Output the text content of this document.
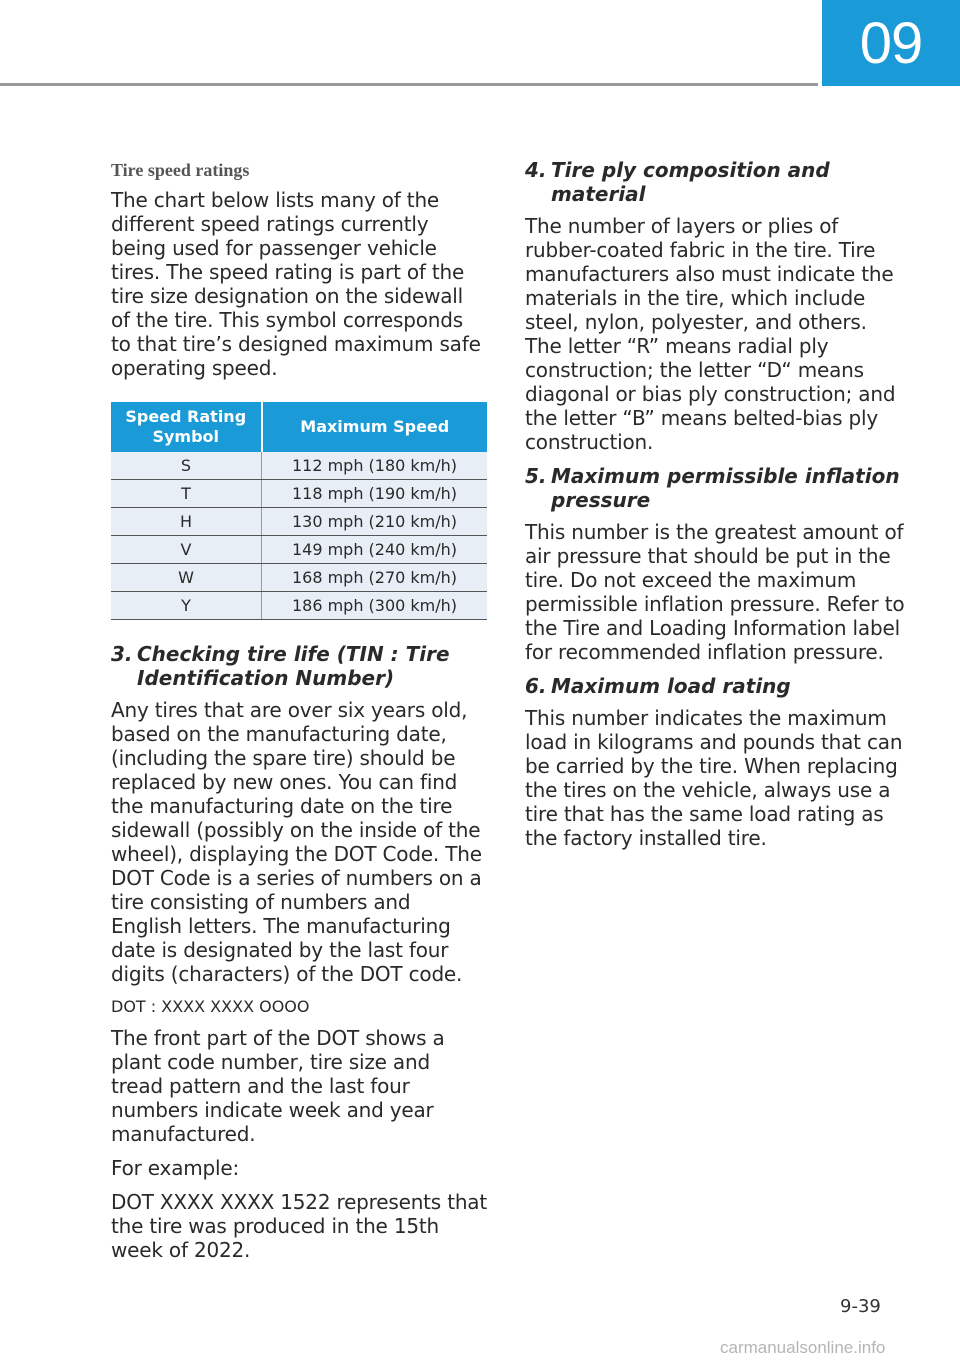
09
Tire speed ratings

The chart below lists many of the different speed ratings currently being used for passenger vehicle tires. The speed rating is part of the tire size designation on the sidewall of the tire. This symbol corresponds to that tire’s designed maximum safe operating speed.

Speed Rating Symbol	Maximum Speed
S	112 mph (180 km/h)
T	118 mph (190 km/h)
H	130 mph (210 km/h)
V	149 mph (240 km/h)
W	168 mph (270 km/h)
Y	186 mph (300 km/h)
3. Checking tire life (TIN : Tire Identification Number)

Any tires that are over six years old, based on the manufacturing date, (including the spare tire) should be replaced by new ones. You can find the manufacturing date on the tire sidewall (possibly on the inside of the wheel), displaying the DOT Code. The DOT Code is a series of numbers on a tire consisting of numbers and English letters. The manufacturing date is designated by the last four digits (characters) of the DOT code.

DOT : XXXX XXXX OOOO

The front part of the DOT shows a plant code number, tire size and tread pattern and the last four numbers indicate week and year manufactured.

For example:

DOT XXXX XXXX 1522 represents that the tire was produced in the 15th week of 2022.

4. Tire ply composition and material

The number of layers or plies of rubber-coated fabric in the tire. Tire manufacturers also must indicate the materials in the tire, which include steel, nylon, polyester, and others. The letter “R” means radial ply construction; the letter “D“ means diagonal or bias ply construction; and the letter “B” means belted-bias ply construction.

5. Maximum permissible inflation pressure

This number is the greatest amount of air pressure that should be put in the tire. Do not exceed the maximum permissible inflation pressure. Refer to the Tire and Loading Information label for recommended inflation pressure.

6. Maximum load rating

This number indicates the maximum load in kilograms and pounds that can be carried by the tire. When replacing the tires on the vehicle, always use a tire that has the same load rating as the factory installed tire.

9-39
carmanualsonline.info
